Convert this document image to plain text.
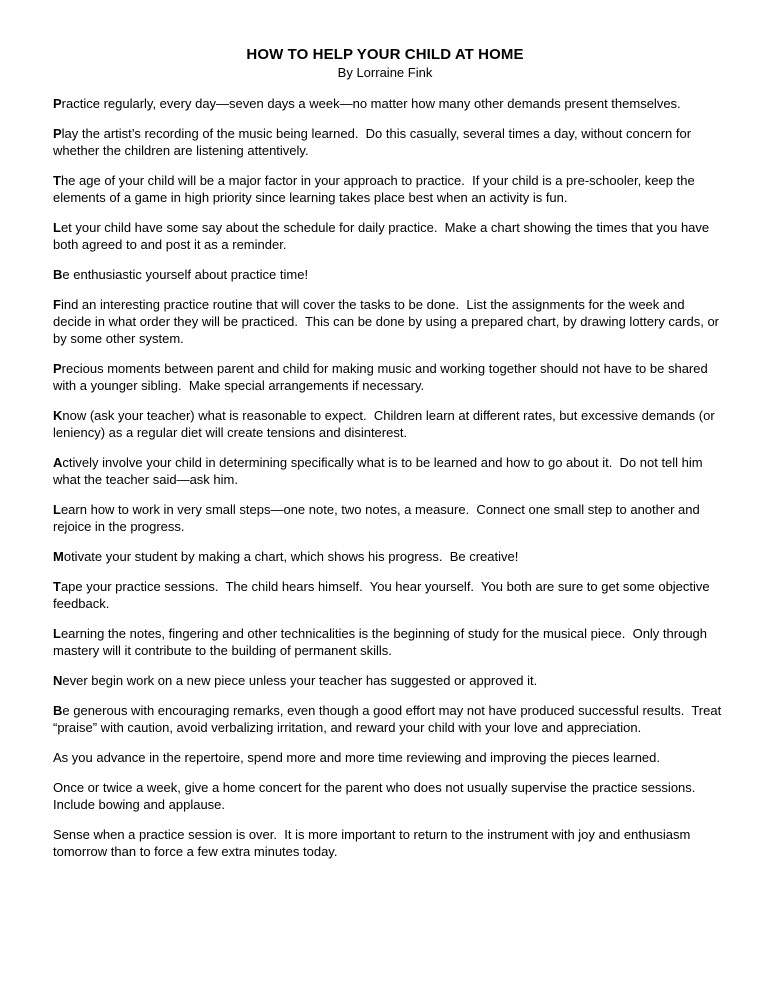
HOW TO HELP YOUR CHILD AT HOME
By Lorraine Fink

Practice regularly, every day—seven days a week—no matter how many other demands present themselves.

Play the artist’s recording of the music being learned.  Do this casually, several times a day, without concern for whether the children are listening attentively.

The age of your child will be a major factor in your approach to practice.  If your child is a pre-schooler, keep the elements of a game in high priority since learning takes place best when an activity is fun.

Let your child have some say about the schedule for daily practice.  Make a chart showing the times that you have both agreed to and post it as a reminder.

Be enthusiastic yourself about practice time!

Find an interesting practice routine that will cover the tasks to be done.  List the assignments for the week and decide in what order they will be practiced.  This can be done by using a prepared chart, by drawing lottery cards, or by some other system.

Precious moments between parent and child for making music and working together should not have to be shared with a younger sibling.  Make special arrangements if necessary.

Know (ask your teacher) what is reasonable to expect.  Children learn at different rates, but excessive demands (or leniency) as a regular diet will create tensions and disinterest.

Actively involve your child in determining specifically what is to be learned and how to go about it.  Do not tell him what the teacher said—ask him.

Learn how to work in very small steps—one note, two notes, a measure.  Connect one small step to another and rejoice in the progress.

Motivate your student by making a chart, which shows his progress.  Be creative!

Tape your practice sessions.  The child hears himself.  You hear yourself.  You both are sure to get some objective feedback.

Learning the notes, fingering and other technicalities is the beginning of study for the musical piece.  Only through mastery will it contribute to the building of permanent skills.

Never begin work on a new piece unless your teacher has suggested or approved it.

Be generous with encouraging remarks, even though a good effort may not have produced successful results.  Treat “praise” with caution, avoid verbalizing irritation, and reward your child with your love and appreciation.

As you advance in the repertoire, spend more and more time reviewing and improving the pieces learned.

Once or twice a week, give a home concert for the parent who does not usually supervise the practice sessions.  Include bowing and applause.

Sense when a practice session is over.  It is more important to return to the instrument with joy and enthusiasm tomorrow than to force a few extra minutes today.
